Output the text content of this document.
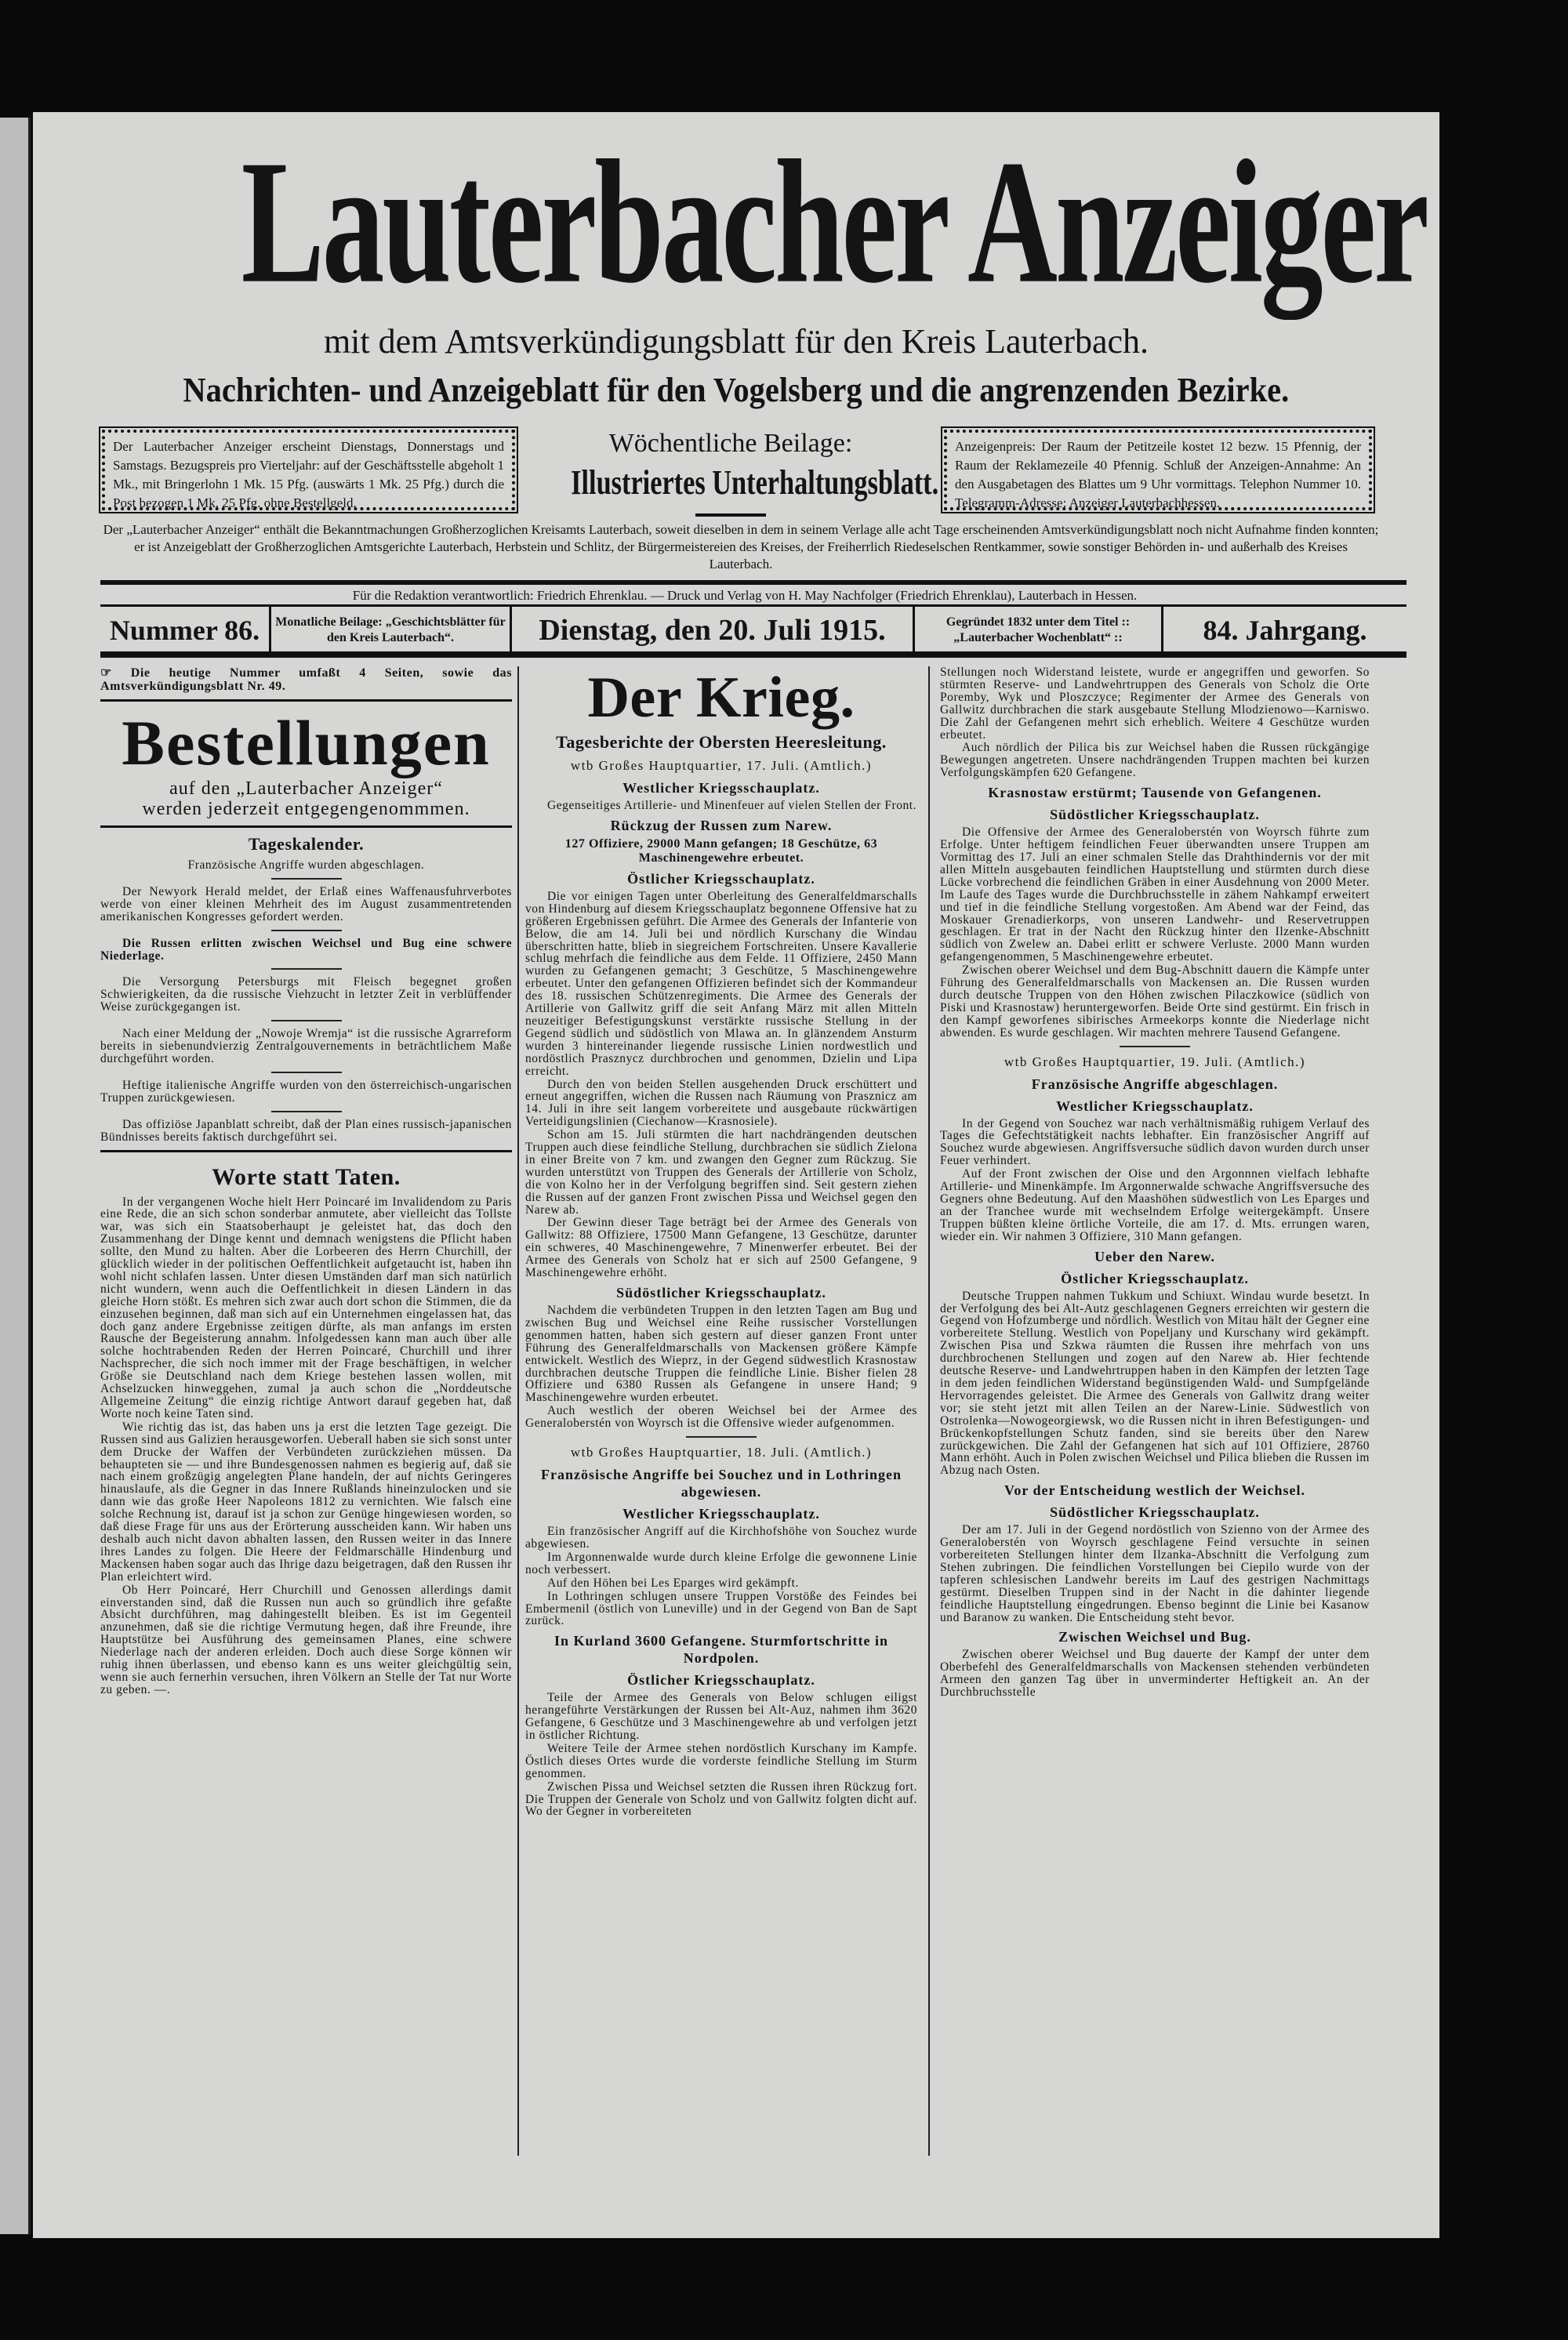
Lauterbacher Anzeiger
mit dem Amtsverkündigungsblatt für den Kreis Lauterbach.
Nachrichten- und Anzeigeblatt für den Vogelsberg und die angrenzenden Bezirke.
Der Lauterbacher Anzeiger erscheint Dienstags, Donnerstags und Samstags. Bezugspreis pro Vierteljahr: auf der Geschäftsstelle abgeholt 1 Mk., mit Bringerlohn 1 Mk. 15 Pfg. (auswärts 1 Mk. 25 Pfg.) durch die Post bezogen 1 Mk. 25 Pfg. ohne Bestellgeld.
Wöchentliche Beilage:
Illustriertes Unterhaltungsblatt.
Anzeigenpreis: Der Raum der Petitzeile kostet 12 bezw. 15 Pfennig, der Raum der Reklamezeile 40 Pfennig. Schluß der Anzeigen-Annahme: An den Ausgabetagen des Blattes um 9 Uhr vormittags. Telephon Nummer 10. Telegramm-Adresse: Anzeiger Lauterbachhessen.
Der „Lauterbacher Anzeiger“ enthält die Bekanntmachungen Großherzoglichen Kreisamts Lauterbach, soweit dieselben in dem in seinem Verlage alle acht Tage erscheinenden Amtsverkündigungsblatt noch nicht Aufnahme finden konnten; er ist Anzeigeblatt der Großherzoglichen Amtsgerichte Lauterbach, Herbstein und Schlitz, der Bürgermeistereien des Kreises, der Freiherrlich Riedeselschen Rentkammer, sowie sonstiger Behörden in- und außerhalb des Kreises Lauterbach.
Für die Redaktion verantwortlich: Friedrich Ehrenklau. — Druck und Verlag von H. May Nachfolger (Friedrich Ehrenklau), Lauterbach in Hessen.
Nummer 86.	Monatliche Beilage: „Geschichtsblätter für den Kreis Lauterbach“.	Dienstag, den 20. Juli 1915.	Gegründet 1832 unter dem Titel :: „Lauterbacher Wochenblatt“ ::	84. Jahrgang.
☞ Die heutige Nummer umfaßt 4 Seiten, sowie das Amtsverkündigungsblatt Nr. 49.
Bestellungen
auf den „Lauterbacher Anzeiger“
werden jederzeit entgegengenommmen.
Tageskalender.
Französische Angriffe wurden abgeschlagen.
Der Newyork Herald meldet, der Erlaß eines Waffenausfuhrverbotes werde von einer kleinen Mehrheit des im August zusammentretenden amerikanischen Kongresses gefordert werden.
Die Russen erlitten zwischen Weichsel und Bug eine schwere Niederlage.
Die Versorgung Petersburgs mit Fleisch begegnet großen Schwierigkeiten, da die russische Viehzucht in letzter Zeit in verblüffender Weise zurückgegangen ist.
Nach einer Meldung der „Nowoje Wremja“ ist die russische Agrarreform bereits in siebenundvierzig Zentralgouvernements in beträchtlichem Maße durchgeführt worden.
Heftige italienische Angriffe wurden von den österreichisch-ungarischen Truppen zurückgewiesen.
Das offiziöse Japanblatt schreibt, daß der Plan eines russisch-japanischen Bündnisses bereits faktisch durchgeführt sei.
Worte statt Taten.
In der vergangenen Woche hielt Herr Poincaré im Invalidendom zu Paris eine Rede, die an sich schon sonderbar anmutete, aber vielleicht das Tollste war, was sich ein Staatsoberhaupt je geleistet hat, das doch den Zusammenhang der Dinge kennt und demnach wenigstens die Pflicht haben sollte, den Mund zu halten. Aber die Lorbeeren des Herrn Churchill, der glücklich wieder in der politischen Oeffentlichkeit aufgetaucht ist, haben ihn wohl nicht schlafen lassen. Unter diesen Umständen darf man sich natürlich nicht wundern, wenn auch die Oeffentlichkeit in diesen Ländern in das gleiche Horn stößt. Es mehren sich zwar auch dort schon die Stimmen, die da einzusehen beginnen, daß man sich auf ein Unternehmen eingelassen hat, das doch ganz andere Ergebnisse zeitigen dürfte, als man anfangs im ersten Rausche der Begeisterung annahm. Infolgedessen kann man auch über alle solche hochtrabenden Reden der Herren Poincaré, Churchill und ihrer Nachsprecher, die sich noch immer mit der Frage beschäftigen, in welcher Größe sie Deutschland nach dem Kriege bestehen lassen wollen, mit Achselzucken hinweggehen, zumal ja auch schon die „Norddeutsche Allgemeine Zeitung“ die einzig richtige Antwort darauf gegeben hat, daß Worte noch keine Taten sind.
Wie richtig das ist, das haben uns ja erst die letzten Tage gezeigt. Die Russen sind aus Galizien herausgeworfen. Ueberall haben sie sich sonst unter dem Drucke der Waffen der Verbündeten zurückziehen müssen. Da behaupteten sie — und ihre Bundesgenossen nahmen es begierig auf, daß sie nach einem großzügig angelegten Plane handeln, der auf nichts Geringeres hinauslaufe, als die Gegner in das Innere Rußlands hineinzulocken und sie dann wie das große Heer Napoleons 1812 zu vernichten. Wie falsch eine solche Rechnung ist, darauf ist ja schon zur Genüge hingewiesen worden, so daß diese Frage für uns aus der Erörterung ausscheiden kann. Wir haben uns deshalb auch nicht davon abhalten lassen, den Russen weiter in das Innere ihres Landes zu folgen. Die Heere der Feldmarschälle Hindenburg und Mackensen haben sogar auch das Ihrige dazu beigetragen, daß den Russen ihr Plan erleichtert wird.
Ob Herr Poincaré, Herr Churchill und Genossen allerdings damit einverstanden sind, daß die Russen nun auch so gründlich ihre gefaßte Absicht durchführen, mag dahingestellt bleiben. Es ist im Gegenteil anzunehmen, daß sie die richtige Vermutung hegen, daß ihre Freunde, ihre Hauptstütze bei Ausführung des gemeinsamen Planes, eine schwere Niederlage nach der anderen erleiden. Doch auch diese Sorge können wir ruhig ihnen überlassen, und ebenso kann es uns weiter gleichgültig sein, wenn sie auch fernerhin versuchen, ihren Völkern an Stelle der Tat nur Worte zu geben. —.
Der Krieg.
Tagesberichte der Obersten Heeresleitung.
wtb Großes Hauptquartier, 17. Juli. (Amtlich.)
Westlicher Kriegsschauplatz.
Gegenseitiges Artillerie- und Minenfeuer auf vielen Stellen der Front.
Rückzug der Russen zum Narew.
127 Offiziere, 29000 Mann gefangen; 18 Geschütze, 63 Maschinengewehre erbeutet.
Östlicher Kriegsschauplatz.
Die vor einigen Tagen unter Oberleitung des Generalfeldmarschalls von Hindenburg auf diesem Kriegsschauplatz begonnene Offensive hat zu größeren Ergebnissen geführt. Die Armee des Generals der Infanterie von Below, die am 14. Juli bei und nördlich Kurschany die Windau überschritten hatte, blieb in siegreichem Fortschreiten. Unsere Kavallerie schlug mehrfach die feindliche aus dem Felde. 11 Offiziere, 2450 Mann wurden zu Gefangenen gemacht; 3 Geschütze, 5 Maschinengewehre erbeutet. Unter den gefangenen Offizieren befindet sich der Kommandeur des 18. russischen Schützenregiments. Die Armee des Generals der Artillerie von Gallwitz griff die seit Anfang März mit allen Mitteln neuzeitiger Befestigungskunst verstärkte russische Stellung in der Gegend südlich und südöstlich von Mlawa an. In glänzendem Ansturm wurden 3 hintereinander liegende russische Linien nordwestlich und nordöstlich Prasznycz durchbrochen und genommen, Dzielin und Lipa erreicht.
Durch den von beiden Stellen ausgehenden Druck erschüttert und erneut angegriffen, wichen die Russen nach Räumung von Prasznicz am 14. Juli in ihre seit langem vorbereitete und ausgebaute rückwärtigen Verteidigungslinien (Ciechanow—Krasnosiele).
Schon am 15. Juli stürmten die hart nachdrängenden deutschen Truppen auch diese feindliche Stellung, durchbrachen sie südlich Zielona in einer Breite von 7 km. und zwangen den Gegner zum Rückzug. Sie wurden unterstützt von Truppen des Generals der Artillerie von Scholz, die von Kolno her in der Verfolgung begriffen sind. Seit gestern ziehen die Russen auf der ganzen Front zwischen Pissa und Weichsel gegen den Narew ab.
Der Gewinn dieser Tage beträgt bei der Armee des Generals von Gallwitz: 88 Offiziere, 17500 Mann Gefangene, 13 Geschütze, darunter ein schweres, 40 Maschinengewehre, 7 Minenwerfer erbeutet. Bei der Armee des Generals von Scholz hat er sich auf 2500 Gefangene, 9 Maschinengewehre erhöht.
Südöstlicher Kriegsschauplatz.
Nachdem die verbündeten Truppen in den letzten Tagen am Bug und zwischen Bug und Weichsel eine Reihe russischer Vorstellungen genommen hatten, haben sich gestern auf dieser ganzen Front unter Führung des Generalfeldmarschalls von Mackensen größere Kämpfe entwickelt. Westlich des Wieprz, in der Gegend südwestlich Krasnostaw durchbrachen deutsche Truppen die feindliche Linie. Bisher fielen 28 Offiziere und 6380 Russen als Gefangene in unsere Hand; 9 Maschinengewehre wurden erbeutet.
Auch westlich der oberen Weichsel bei der Armee des Generaloberstén von Woyrsch ist die Offensive wieder aufgenommen.
wtb Großes Hauptquartier, 18. Juli. (Amtlich.)
Französische Angriffe bei Souchez und in Lothringen abgewiesen.
Westlicher Kriegsschauplatz.
Ein französischer Angriff auf die Kirchhofshöhe von Souchez wurde abgewiesen.
Im Argonnenwalde wurde durch kleine Erfolge die gewonnene Linie noch verbessert.
Auf den Höhen bei Les Eparges wird gekämpft.
In Lothringen schlugen unsere Truppen Vorstöße des Feindes bei Embermenil (östlich von Luneville) und in der Gegend von Ban de Sapt zurück.
In Kurland 3600 Gefangene. Sturmfortschritte in Nordpolen.
Östlicher Kriegsschauplatz.
Teile der Armee des Generals von Below schlugen eiligst herangeführte Verstärkungen der Russen bei Alt-Auz, nahmen ihm 3620 Gefangene, 6 Geschütze und 3 Maschinengewehre ab und verfolgen jetzt in östlicher Richtung.
Weitere Teile der Armee stehen nordöstlich Kurschany im Kampfe. Östlich dieses Ortes wurde die vorderste feindliche Stellung im Sturm genommen.
Zwischen Pissa und Weichsel setzten die Russen ihren Rückzug fort. Die Truppen der Generale von Scholz und von Gallwitz folgten dicht auf. Wo der Gegner in vorbereiteten
Stellungen noch Widerstand leistete, wurde er angegriffen und geworfen. So stürmten Reserve- und Landwehrtruppen des Generals von Scholz die Orte Poremby, Wyk und Ploszczyce; Regimenter der Armee des Generals von Gallwitz durchbrachen die stark ausgebaute Stellung Mlodzienowo—Karniswo. Die Zahl der Gefangenen mehrt sich erheblich. Weitere 4 Geschütze wurden erbeutet.
Auch nördlich der Pilica bis zur Weichsel haben die Russen rückgängige Bewegungen angetreten. Unsere nachdrängenden Truppen machten bei kurzen Verfolgungskämpfen 620 Gefangene.
Krasnostaw erstürmt; Tausende von Gefangenen.
Südöstlicher Kriegsschauplatz.
Die Offensive der Armee des Generaloberstén von Woyrsch führte zum Erfolge. Unter heftigem feindlichen Feuer überwandten unsere Truppen am Vormittag des 17. Juli an einer schmalen Stelle das Drahthindernis vor der mit allen Mitteln ausgebauten feindlichen Hauptstellung und stürmten durch diese Lücke vorbrechend die feindlichen Gräben in einer Ausdehnung von 2000 Meter. Im Laufe des Tages wurde die Durchbruchsstelle in zähem Nahkampf erweitert und tief in die feindliche Stellung vorgestoßen. Am Abend war der Feind, das Moskauer Grenadierkorps, von unseren Landwehr- und Reservetruppen geschlagen. Er trat in der Nacht den Rückzug hinter den Ilzenke-Abschnitt südlich von Zwelew an. Dabei erlitt er schwere Verluste. 2000 Mann wurden gefangengenommen, 5 Maschinengewehre erbeutet.
Zwischen oberer Weichsel und dem Bug-Abschnitt dauern die Kämpfe unter Führung des Generalfeldmarschalls von Mackensen an. Die Russen wurden durch deutsche Truppen von den Höhen zwischen Pilaczkowice (südlich von Piski und Krasnostaw) heruntergeworfen. Beide Orte sind gestürmt. Ein frisch in den Kampf geworfenes sibirisches Armeekorps konnte die Niederlage nicht abwenden. Es wurde geschlagen. Wir machten mehrere Tausend Gefangene.
wtb Großes Hauptquartier, 19. Juli. (Amtlich.)
Französische Angriffe abgeschlagen.
Westlicher Kriegsschauplatz.
In der Gegend von Souchez war nach verhältnismäßig ruhigem Verlauf des Tages die Gefechtstätigkeit nachts lebhafter. Ein französischer Angriff auf Souchez wurde abgewiesen. Angriffsversuche südlich davon wurden durch unser Feuer verhindert.
Auf der Front zwischen der Oise und den Argonnnen vielfach lebhafte Artillerie- und Minenkämpfe. Im Argonnerwalde schwache Angriffsversuche des Gegners ohne Bedeutung. Auf den Maashöhen südwestlich von Les Eparges und an der Tranchee wurde mit wechselndem Erfolge weitergekämpft. Unsere Truppen büßten kleine örtliche Vorteile, die am 17. d. Mts. errungen waren, wieder ein. Wir nahmen 3 Offiziere, 310 Mann gefangen.
Ueber den Narew.
Östlicher Kriegsschauplatz.
Deutsche Truppen nahmen Tukkum und Schiuxt. Windau wurde besetzt. In der Verfolgung des bei Alt-Autz geschlagenen Gegners erreichten wir gestern die Gegend von Hofzumberge und nördlich. Westlich von Mitau hält der Gegner eine vorbereitete Stellung. Westlich von Popeljany und Kurschany wird gekämpft. Zwischen Pisa und Szkwa räumten die Russen ihre mehrfach von uns durchbrochenen Stellungen und zogen auf den Narew ab. Hier fechtende deutsche Reserve- und Landwehrtruppen haben in den Kämpfen der letzten Tage in dem jeden feindlichen Widerstand begünstigenden Wald- und Sumpfgelände Hervorragendes geleistet. Die Armee des Generals von Gallwitz drang weiter vor; sie steht jetzt mit allen Teilen an der Narew-Linie. Südwestlich von Ostrolenka—Nowogeorgiewsk, wo die Russen nicht in ihren Befestigungen- und Brückenkopfstellungen Schutz fanden, sind sie bereits über den Narew zurückgewichen. Die Zahl der Gefangenen hat sich auf 101 Offiziere, 28760 Mann erhöht. Auch in Polen zwischen Weichsel und Pilica blieben die Russen im Abzug nach Osten.
Vor der Entscheidung westlich der Weichsel.
Südöstlicher Kriegsschauplatz.
Der am 17. Juli in der Gegend nordöstlich von Szienno von der Armee des Generaloberstén von Woyrsch geschlagene Feind versuchte in seinen vorbereiteten Stellungen hinter dem Ilzanka-Abschnitt die Verfolgung zum Stehen zubringen. Die feindlichen Vorstellungen bei Ciepilo wurde von der tapferen schlesischen Landwehr bereits im Lauf des gestrigen Nachmittags gestürmt. Dieselben Truppen sind in der Nacht in die dahinter liegende feindliche Hauptstellung eingedrungen. Ebenso beginnt die Linie bei Kasanow und Baranow zu wanken. Die Entscheidung steht bevor.
Zwischen Weichsel und Bug.
Zwischen oberer Weichsel und Bug dauerte der Kampf der unter dem Oberbefehl des Generalfeldmarschalls von Mackensen stehenden verbündeten Armeen den ganzen Tag über in unverminderter Heftigkeit an. An der Durchbruchsstelle
